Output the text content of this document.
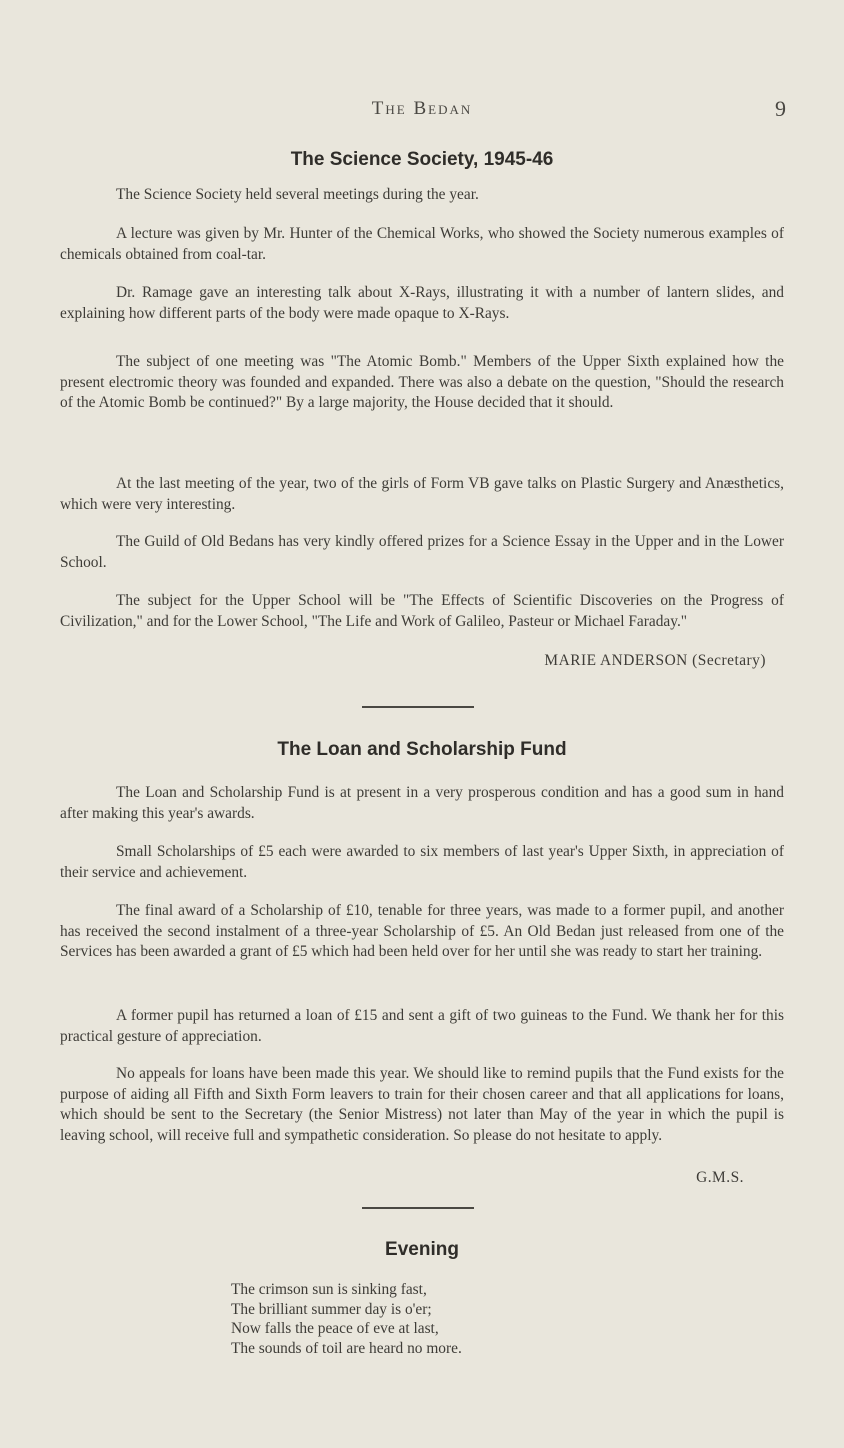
The Bedan	9
The Science Society, 1945-46

The Science Society held several meetings during the year.

A lecture was given by Mr. Hunter of the Chemical Works, who showed the Society numerous examples of chemicals obtained from coal-tar.

Dr. Ramage gave an interesting talk about X-Rays, illustrating it with a number of lantern slides, and explaining how different parts of the body were made opaque to X-Rays.

The subject of one meeting was "The Atomic Bomb." Members of the Upper Sixth explained how the present electromic theory was founded and expanded. There was also a debate on the question, "Should the research of the Atomic Bomb be continued?" By a large majority, the House decided that it should.

At the last meeting of the year, two of the girls of Form VB gave talks on Plastic Surgery and Anæsthetics, which were very interesting.

The Guild of Old Bedans has very kindly offered prizes for a Science Essay in the Upper and in the Lower School.

The subject for the Upper School will be "The Effects of Scientific Discoveries on the Progress of Civilization," and for the Lower School, "The Life and Work of Galileo, Pasteur or Michael Faraday."

MARIE ANDERSON (Secretary)

The Loan and Scholarship Fund

The Loan and Scholarship Fund is at present in a very prosperous condition and has a good sum in hand after making this year's awards.

Small Scholarships of £5 each were awarded to six members of last year's Upper Sixth, in appreciation of their service and achievement.

The final award of a Scholarship of £10, tenable for three years, was made to a former pupil, and another has received the second instalment of a three-year Scholarship of £5. An Old Bedan just released from one of the Services has been awarded a grant of £5 which had been held over for her until she was ready to start her training.

A former pupil has returned a loan of £15 and sent a gift of two guineas to the Fund. We thank her for this practical gesture of appreciation.

No appeals for loans have been made this year. We should like to remind pupils that the Fund exists for the purpose of aiding all Fifth and Sixth Form leavers to train for their chosen career and that all applications for loans, which should be sent to the Secretary (the Senior Mistress) not later than May of the year in which the pupil is leaving school, will receive full and sympathetic consideration. So please do not hesitate to apply.

G.M.S.

Evening
The crimson sun is sinking fast,
The brilliant summer day is o'er;
Now falls the peace of eve at last,
The sounds of toil are heard no more.
